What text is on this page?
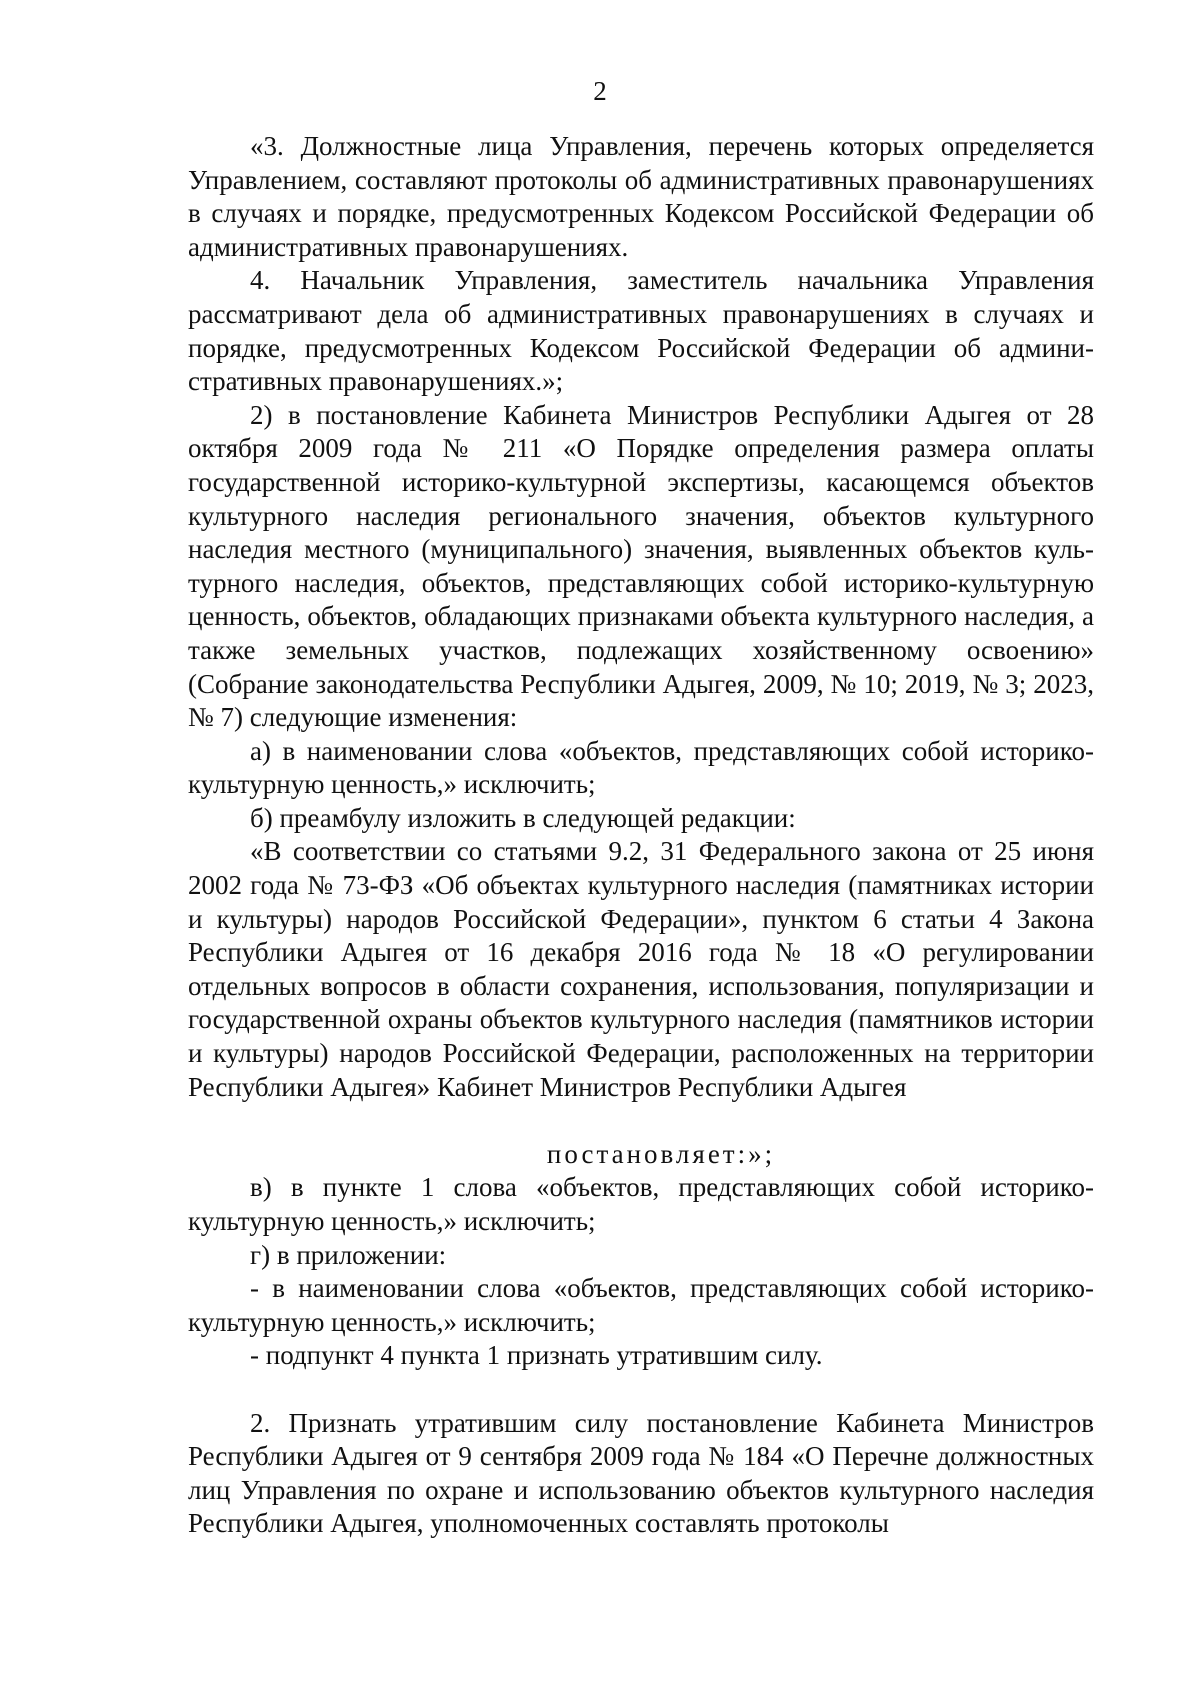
2

«3. Должностные лица Управления, перечень которых определяется Управлением, составляют протоколы об административных правонарушениях в случаях и порядке, предусмотренных Кодексом Российской Федерации об административных правонарушениях.

4. Начальник Управления, заместитель начальника Управления рассматривают дела об административных правонарушениях в случаях и порядке, предусмотренных Кодексом Российской Федерации об административных правонарушениях.»;

2) в постановление Кабинета Министров Республики Адыгея от 28 октября 2009 года № 211 «О Порядке определения размера оплаты государственной историко-культурной экспертизы, касающемся объектов культурного наследия регионального значения, объектов культурного наследия местного (муниципального) значения, выявленных объектов культурного наследия, объектов, представляющих собой историко-культурную ценность, объектов, обладающих признаками объекта культурного наследия, а также земельных участков, подлежащих хозяйственному освоению» (Собрание законодательства Республики Адыгея, 2009, № 10; 2019, № 3; 2023, № 7) следующие изменения:

а) в наименовании слова «объектов, представляющих собой историко-культурную ценность,» исключить;

б) преамбулу изложить в следующей редакции:

«В соответствии со статьями 9.2, 31 Федерального закона от 25 июня 2002 года № 73-ФЗ «Об объектах культурного наследия (памятниках истории и культуры) народов Российской Федерации», пунктом 6 статьи 4 Закона Республики Адыгея от 16 декабря 2016 года № 18 «О регулировании отдельных вопросов в области сохранения, использования, популяризации и государственной охраны объектов культурного наследия (памятников истории и культуры) народов Российской Федерации, расположенных на территории Республики Адыгея» Кабинет Министров Республики Адыгея

постановляет:»;

в) в пункте 1 слова «объектов, представляющих собой историко-культурную ценность,» исключить;

г) в приложении:

- в наименовании слова «объектов, представляющих собой историко-культурную ценность,» исключить;

- подпункт 4 пункта 1 признать утратившим силу.

2. Признать утратившим силу постановление Кабинета Министров Республики Адыгея от 9 сентября 2009 года № 184 «О Перечне должностных лиц Управления по охране и использованию объектов культурного наследия Республики Адыгея, уполномоченных составлять протоколы
